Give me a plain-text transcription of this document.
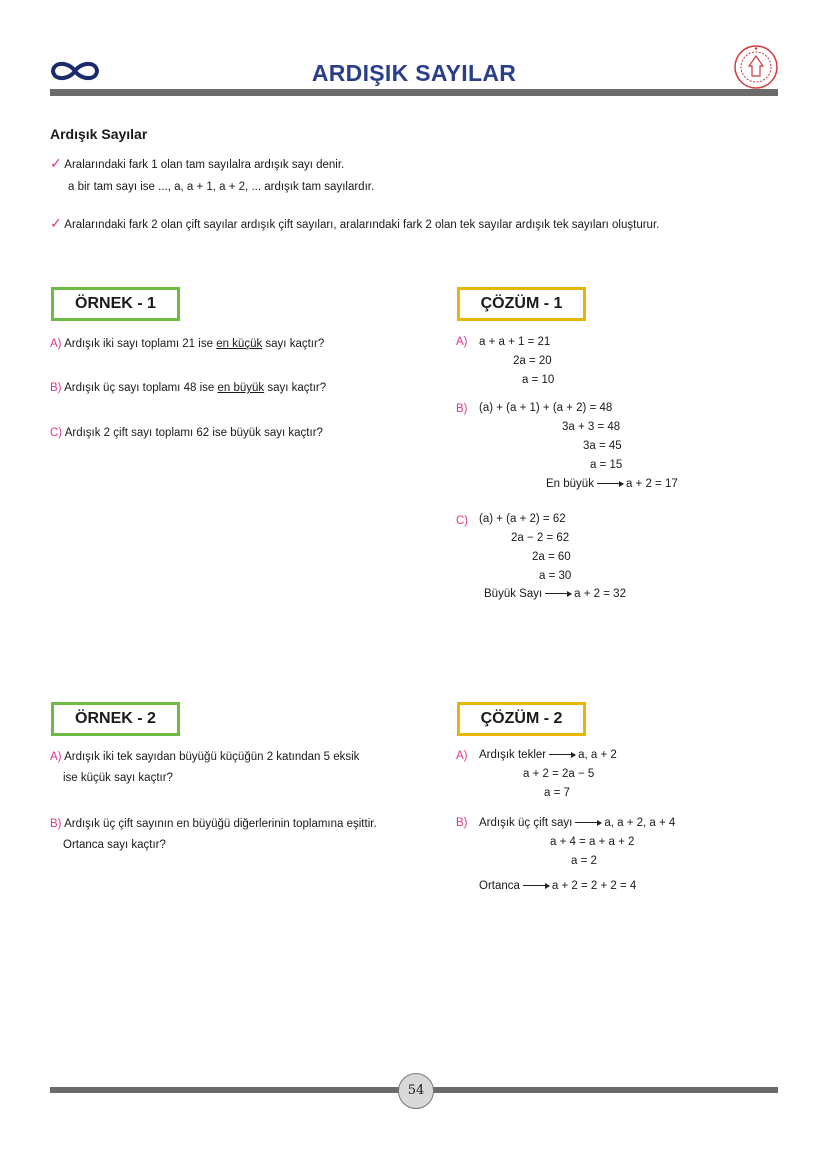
ARDIŞIK SAYILAR
Ardışık Sayılar
✓ Aralarındaki fark 1 olan tam sayılalra ardışık sayı denir.
a bir tam sayı ise ..., a, a + 1, a + 2, ... ardışık tam sayılardır.
✓ Aralarındaki fark 2 olan çift sayılar ardışık çift sayıları, aralarındaki fark 2 olan tek sayılar ardışık tek sayıları oluşturur.
ÖRNEK - 1
A) Ardışık iki sayı toplamı 21 ise en küçük sayı kaçtır?
B) Ardışık üç sayı toplamı 48 ise en büyük sayı kaçtır?
C) Ardışık 2 çift sayı toplamı 62 ise büyük sayı kaçtır?
ÇÖZÜM - 1
A) a + a + 1 = 21
2a = 20
a = 10
B) (a) + (a + 1) + (a + 2) = 48
3a + 3 = 48
3a = 45
a = 15
En büyük	a + 2 = 17
C) (a) + (a + 2) = 62
2a − 2 = 62
2a = 60
a = 30
Büyük Sayı	a + 2 = 32
ÖRNEK - 2
A) Ardışık iki tek sayıdan büyüğü küçüğün 2 katından 5 eksik
ise küçük sayı kaçtır?
B) Ardışık üç çift sayının en büyüğü diğerlerinin toplamına eşittir.
Ortanca sayı kaçtır?
ÇÖZÜM - 2
A) Ardışık tekler	a, a + 2
a + 2 = 2a − 5
a = 7
B) Ardışık üç çift sayı	a, a + 2, a + 4
a + 4 = a + a + 2
a = 2
Ortanca	a + 2 = 2 + 2 = 4
54
